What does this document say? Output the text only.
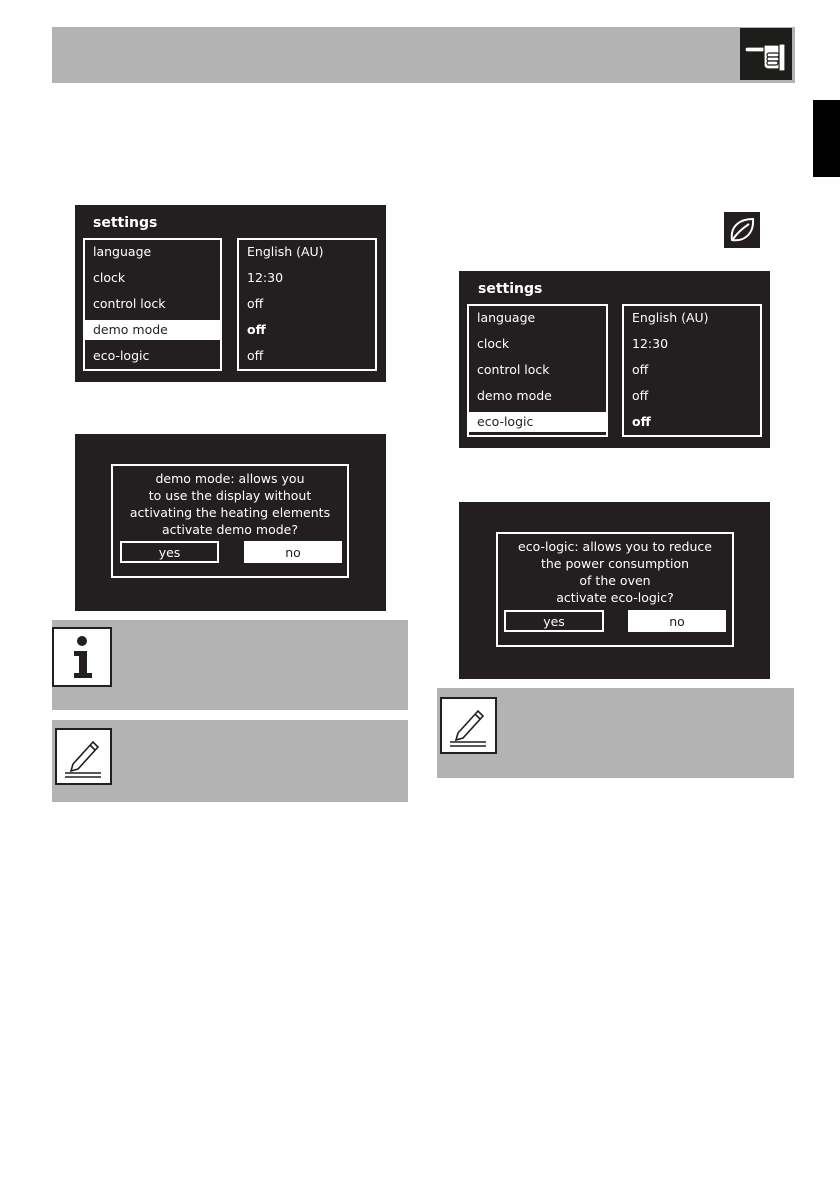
settings
language
clock
control lock
demo mode
eco-logic
English (AU)
12:30
off
off
off
demo mode: allows you
to use the display without
activating the heating elements
activate demo mode?
yes	no
settings
language
clock
control lock
demo mode
eco-logic
English (AU)
12:30
off
off
off
eco-logic: allows you to reduce
the power consumption
of the oven
activate eco-logic?
yes	no
